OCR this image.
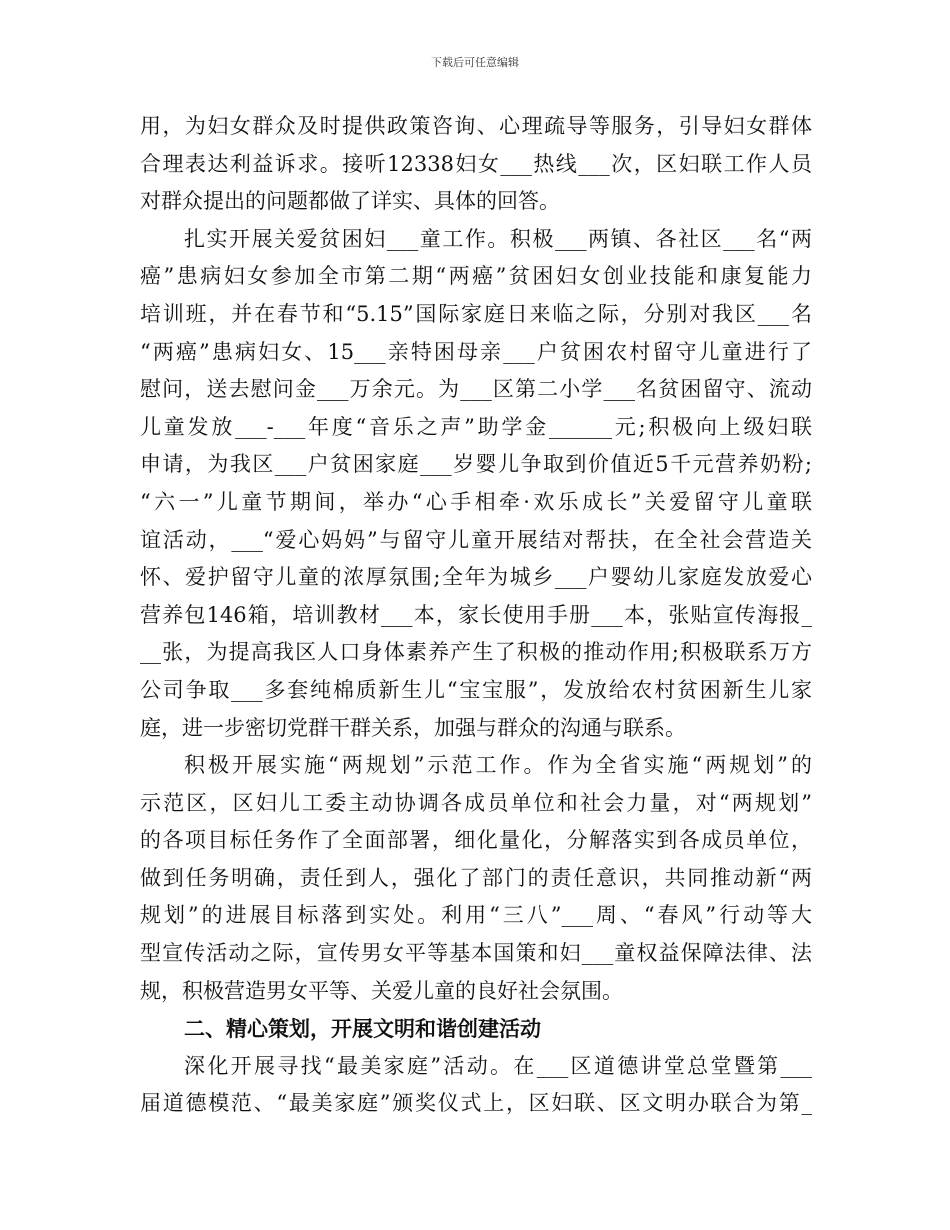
下载后可任意编辑
用，为妇女群众及时提供政策咨询、心理疏导等服务，引导妇女群体
合理表达利益诉求。接听12338妇女___热线___次，区妇联工作人员
对群众提出的问题都做了详实、具体的回答。
扎实开展关爱贫困妇___童工作。积极___两镇、各社区___名“两
癌”患病妇女参加全市第二期“两癌”贫困妇女创业技能和康复能力
培训班，并在春节和“5.15”国际家庭日来临之际，分别对我区___名
“两癌”患病妇女、15___亲特困母亲___户贫困农村留守儿童进行了
慰问，送去慰问金___万余元。为___区第二小学___名贫困留守、流动
儿童发放___-___年度“音乐之声”助学金______元;积极向上级妇联
申请，为我区___户贫困家庭___岁婴儿争取到价值近5千元营养奶粉;
“六一”儿童节期间，举办“心手相牵·欢乐成长”关爱留守儿童联
谊活动，___“爱心妈妈”与留守儿童开展结对帮扶，在全社会营造关
怀、爱护留守儿童的浓厚氛围;全年为城乡___户婴幼儿家庭发放爱心
营养包146箱，培训教材___本，家长使用手册___本，张贴宣传海报_
__张，为提高我区人口身体素养产生了积极的推动作用;积极联系万方
公司争取___多套纯棉质新生儿“宝宝服”，发放给农村贫困新生儿家
庭，进一步密切党群干群关系，加强与群众的沟通与联系。
积极开展实施“两规划”示范工作。作为全省实施“两规划”的
示范区，区妇儿工委主动协调各成员单位和社会力量，对“两规划”
的各项目标任务作了全面部署，细化量化，分解落实到各成员单位，
做到任务明确，责任到人，强化了部门的责任意识，共同推动新“两
规划”的进展目标落到实处。利用“三八”___周、“春风”行动等大
型宣传活动之际，宣传男女平等基本国策和妇___童权益保障法律、法
规，积极营造男女平等、关爱儿童的良好社会氛围。
二、精心策划，开展文明和谐创建活动
深化开展寻找“最美家庭”活动。在___区道德讲堂总堂暨第___
届道德模范、“最美家庭”颁奖仪式上，区妇联、区文明办联合为第_
